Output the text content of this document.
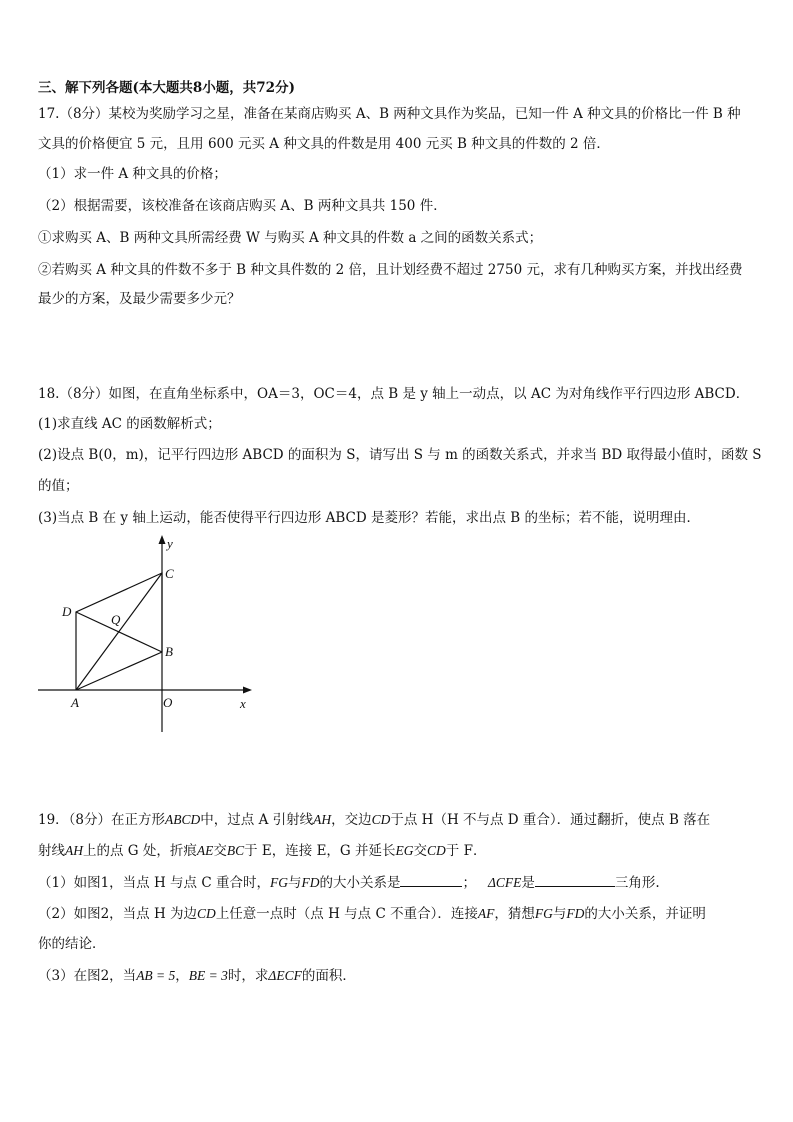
三、解下列各题(本大题共8小题，共72分)
17.（8分）某校为奖励学习之星，准备在某商店购买 A、B 两种文具作为奖品，已知一件 A 种文具的价格比一件 B 种
文具的价格便宜 5 元，且用 600 元买 A 种文具的件数是用 400 元买 B 种文具的件数的 2 倍．
（1）求一件 A 种文具的价格；
（2）根据需要，该校准备在该商店购买 A、B 两种文具共 150 件．
①求购买 A、B 两种文具所需经费 W 与购买 A 种文具的件数 a 之间的函数关系式；
②若购买 A 种文具的件数不多于 B 种文具件数的 2 倍，且计划经费不超过 2750 元，求有几种购买方案，并找出经费
最少的方案，及最少需要多少元？
18.（8分）如图，在直角坐标系中，OA＝3，OC＝4，点 B 是 y 轴上一动点，以 AC 为对角线作平行四边形 ABCD．
(1)求直线 AC 的函数解析式；
(2)设点 B(0，m)，记平行四边形 ABCD 的面积为 S，请写出 S 与 m 的函数关系式，并求当 BD 取得最小值时，函数 S
的值；
(3)当点 B 在 y 轴上运动，能否使得平行四边形 ABCD 是菱形？若能，求出点 B 的坐标；若不能，说明理由．
y
x
C
D
Q
B
A	O
19．（8分）在正方形ABCD中，过点 A 引射线AH，交边CD于点 H（H 不与点 D 重合）．通过翻折，使点 B 落在
射线AH上的点 G 处，折痕AE交BC于 E，连接 E，G 并延长EG交CD于 F．
（1）如图1，当点 H 与点 C 重合时，FG与FD的大小关系是	； ΔCFE是	三角形.
（2）如图2，当点 H 为边CD上任意一点时（点 H 与点 C 不重合）．连接AF，猜想FG与FD的大小关系，并证明
你的结论．
（3）在图2，当AB = 5，BE = 3时，求ΔECF的面积．
